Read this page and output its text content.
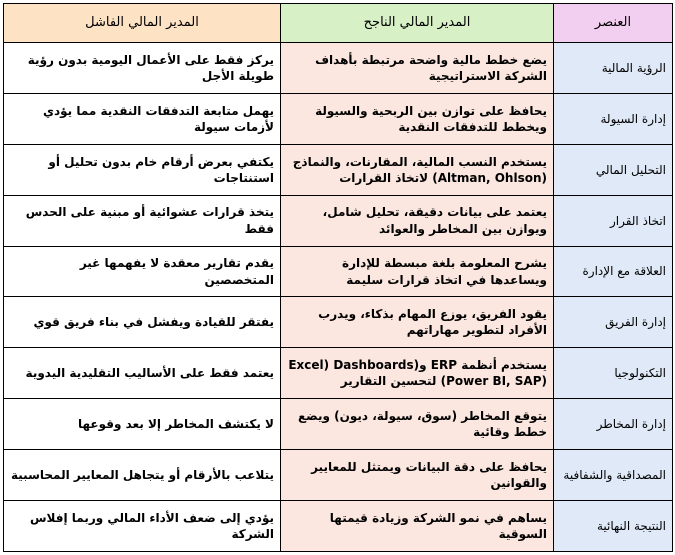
العنصر	المدير المالي الناجح	المدير المالي الفاشل
الرؤية المالية	يضع خطط مالية واضحة مرتبطة بأهداف الشركة الاستراتيجية	يركز فقط على الأعمال اليومية بدون رؤية طويلة الأجل
إدارة السيولة	يحافظ على توازن بين الربحية والسيولة ويخطط للتدفقات النقدية	يهمل متابعة التدفقات النقدية مما يؤدي لأزمات سيولة
التحليل المالي	يستخدم النسب المالية، المقارنات، والنماذج (Altman, Ohlson) لاتخاذ القرارات	يكتفي بعرض أرقام خام بدون تحليل أو استنتاجات
اتخاذ القرار	يعتمد على بيانات دقيقة، تحليل شامل، ويوازن بين المخاطر والعوائد	يتخذ قرارات عشوائية أو مبنية على الحدس فقط
العلاقة مع الإدارة	يشرح المعلومة بلغة مبسطة للإدارة ويساعدها في اتخاذ قرارات سليمة	يقدم تقارير معقدة لا يفهمها غير المتخصصين
إدارة الفريق	يقود الفريق، يوزع المهام بذكاء، ويدرب الأفراد لتطوير مهاراتهم	يفتقر للقيادة ويفشل في بناء فريق قوي
التكنولوجيا	يستخدم أنظمة ERP وExcel) Dashboards) (Power BI, SAP) لتحسين التقارير	يعتمد فقط على الأساليب التقليدية اليدوية
إدارة المخاطر	يتوقع المخاطر (سوق، سيولة، ديون) ويضع خطط وقائية	لا يكتشف المخاطر إلا بعد وقوعها
المصداقية والشفافية	يحافظ على دقة البيانات ويمتثل للمعايير والقوانين	يتلاعب بالأرقام أو يتجاهل المعايير المحاسبية
النتيجة النهائية	يساهم في نمو الشركة وزيادة قيمتها السوقية	يؤدي إلى ضعف الأداء المالي وربما إفلاس الشركة
